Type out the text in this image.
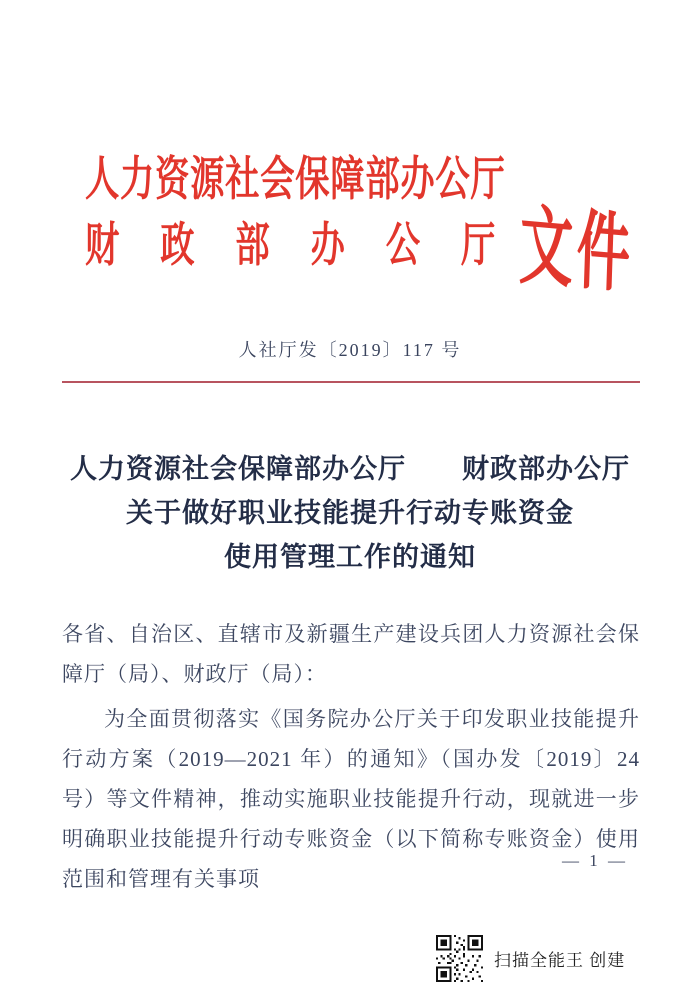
人力资源社会保障部办公厅
财政部办公厅
文件
人社厅发〔2019〕117 号
人力资源社会保障部办公厅　　财政部办公厅
关于做好职业技能提升行动专账资金
使用管理工作的通知

各省、自治区、直辖市及新疆生产建设兵团人力资源社会保障厅（局）、财政厅（局）：

为全面贯彻落实《国务院办公厅关于印发职业技能提升行动方案（2019—2021 年）的通知》（国办发〔2019〕24 号）等文件精神，推动实施职业技能提升行动，现就进一步明确职业技能提升行动专账资金（以下简称专账资金）使用范围和管理有关事项

— 1 —
扫描全能王 创建
